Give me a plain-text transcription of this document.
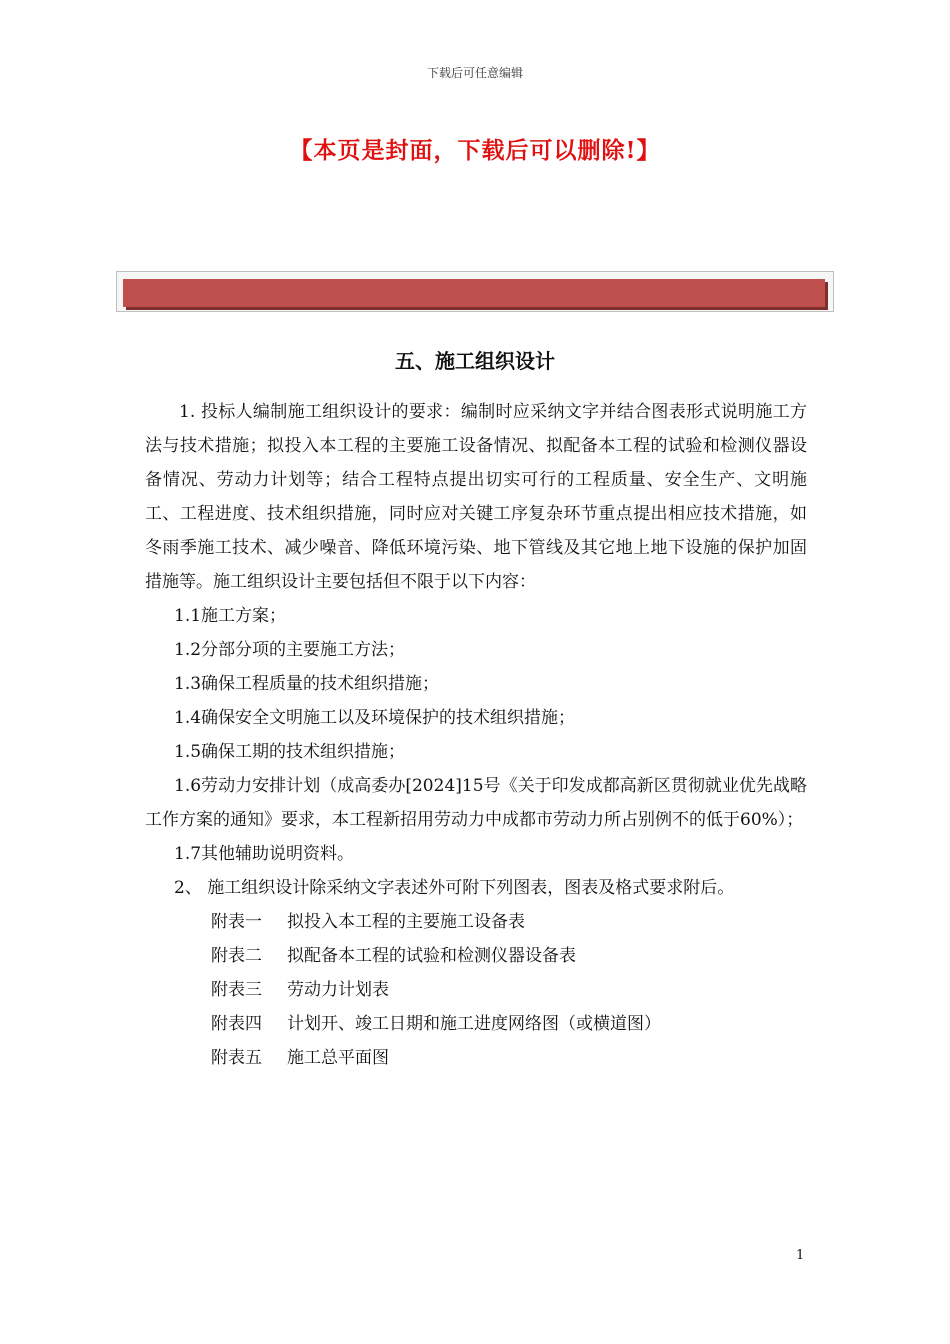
下载后可任意编辑
【本页是封面，下载后可以删除!】
五、施工组织设计

1. 投标人编制施工组织设计的要求：编制时应采纳文字并结合图表形式说明施工方法与技术措施；拟投入本工程的主要施工设备情况、拟配备本工程的试验和检测仪器设备情况、劳动力计划等；结合工程特点提出切实可行的工程质量、安全生产、文明施工、工程进度、技术组织措施，同时应对关键工序复杂环节重点提出相应技术措施，如冬雨季施工技术、减少噪音、降低环境污染、地下管线及其它地上地下设施的保护加固措施等。施工组织设计主要包括但不限于以下内容：

1.1施工方案；

1.2分部分项的主要施工方法；

1.3确保工程质量的技术组织措施；

1.4确保安全文明施工以及环境保护的技术组织措施；

1.5确保工期的技术组织措施；

1.6劳动力安排计划（成高委办[2024]15号《关于印发成都高新区贯彻就业优先战略工作方案的通知》要求，本工程新招用劳动力中成都市劳动力所占别例不的低于60%）；

1.7其他辅助说明资料。

2、 施工组织设计除采纳文字表述外可附下列图表，图表及格式要求附后。

附表一 拟投入本工程的主要施工设备表

附表二 拟配备本工程的试验和检测仪器设备表

附表三 劳动力计划表

附表四 计划开、竣工日期和施工进度网络图（或横道图）

附表五 施工总平面图

1
